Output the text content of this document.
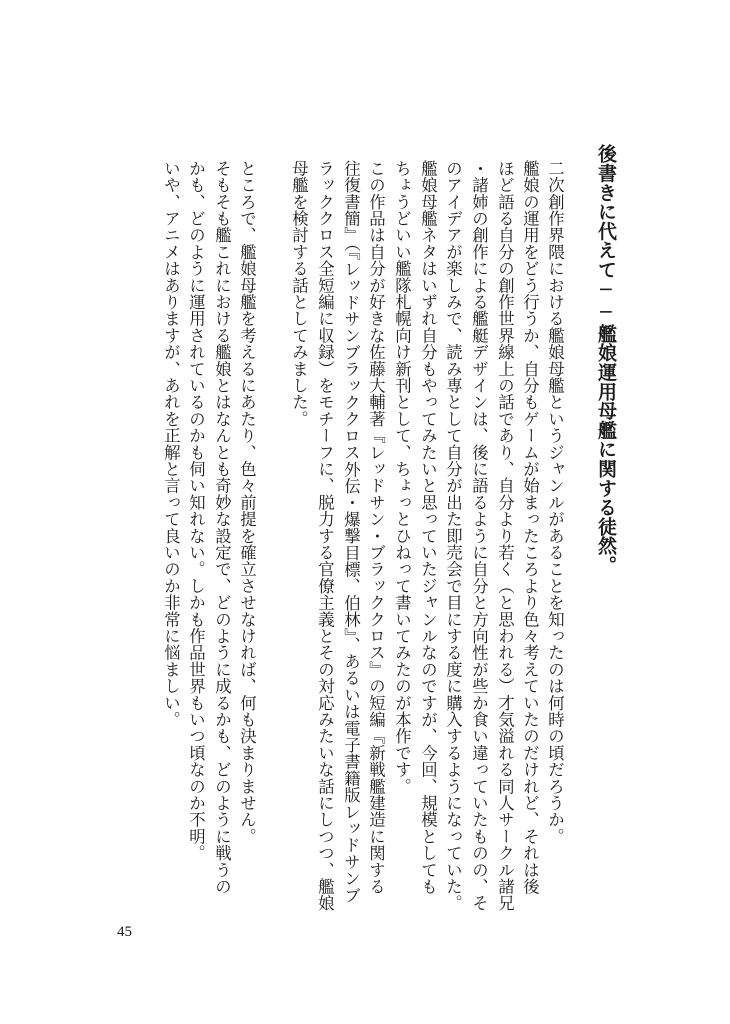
後書きに代えて──艦娘運用母艦に関する徒然。
二次創作界隈における艦娘母艦というジャンルがあることを知ったのは何時の頃だろうか。
艦娘の運用をどう行うか、自分もゲームが始まったころより色々考えていたのだけれど、それは後
ほど語る自分の創作世界線上の話であり、自分より若く（と思われる）才気溢れる同人サークル諸兄
・諸姉の創作による艦艇デザインは、後に語るように自分と方向性が些か食い違っていたものの、そ
のアイデアが楽しみで、読み専として自分が出た即売会で目にする度に購入するようになっていた。
艦娘母艦ネタはいずれ自分もやってみたいと思っていたジャンルなのですが、今回、規模としても
ちょうどいい艦隊札幌向け新刊として、ちょっとひねって書いてみたのが本作です。
この作品は自分が好きな佐藤大輔著『レッドサン・ブラッククロス』の短編『新戦艦建造に関する
往復書簡』（『レッドサンブラッククロス外伝・爆撃目標、伯林』、あるいは電子書籍版レッドサンブ
ラッククロス全短編に収録）をモチーフに、脱力する官僚主義とその対応みたいな話にしつつ、艦娘
母艦を検討する話としてみました。
ところで、艦娘母艦を考えるにあたり、色々前提を確立させなければ、何も決まりません。
そもそも艦これにおける艦娘とはなんとも奇妙な設定で、どのように成るかも、どのように戦うの
かも、どのように運用されているのかも伺い知れない。しかも作品世界もいつ頃なのか不明。
いや、アニメはありますが、あれを正解と言って良いのか非常に悩ましい。
45
